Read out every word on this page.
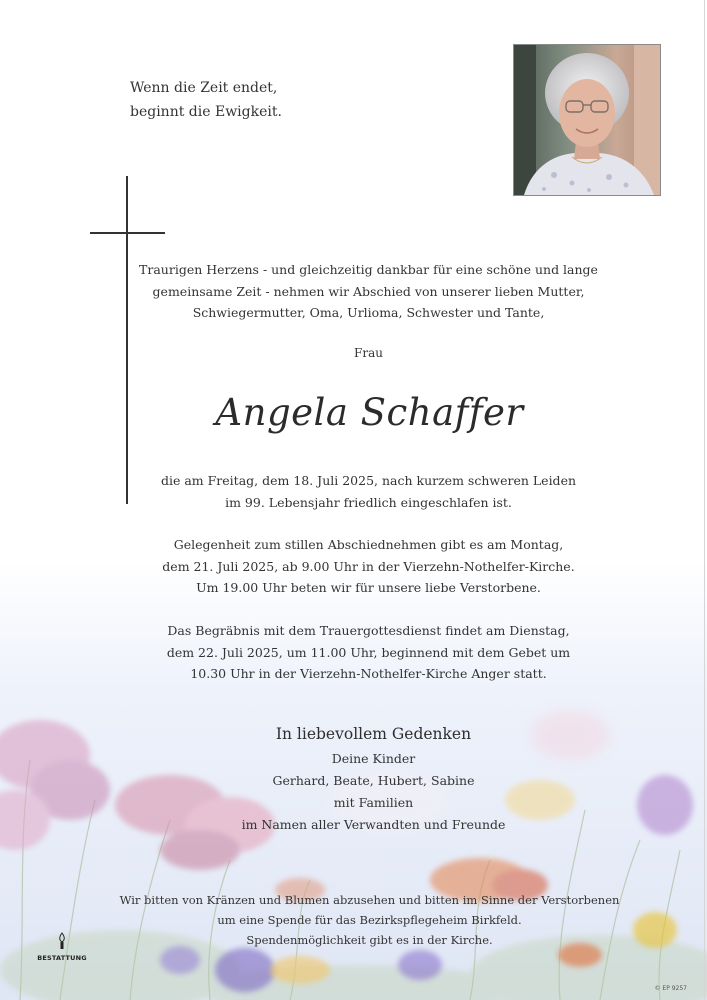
Wenn die Zeit endet,
beginnt die Ewigkeit.
Traurigen Herzens - und gleichzeitig dankbar für eine schöne und lange
gemeinsame Zeit - nehmen wir Abschied von unserer lieben Mutter,
Schwiegermutter, Oma, Urlioma, Schwester und Tante,
Frau
Angela Schaffer
die am Freitag, dem 18. Juli 2025, nach kurzem schweren Leiden
im 99. Lebensjahr friedlich eingeschlafen ist.
Gelegenheit zum stillen Abschiednehmen gibt es am Montag,
dem 21. Juli 2025, ab 9.00 Uhr in der Vierzehn-Nothelfer-Kirche.
Um 19.00 Uhr beten wir für unsere liebe Verstorbene.
Das Begräbnis mit dem Trauergottesdienst findet am Dienstag,
dem 22. Juli 2025, um 11.00 Uhr, beginnend mit dem Gebet um
10.30 Uhr in der Vierzehn-Nothelfer-Kirche Anger statt.
In liebevollem Gedenken
Deine Kinder
Gerhard, Beate, Hubert, Sabine
mit Familien
im Namen aller Verwandten und Freunde
Wir bitten von Kränzen und Blumen abzusehen und bitten im Sinne der Verstorbenen
um eine Spende für das Bezirkspflegeheim Birkfeld.
Spendenmöglichkeit gibt es in der Kirche.
BESTATTUNG
© EP 9257
